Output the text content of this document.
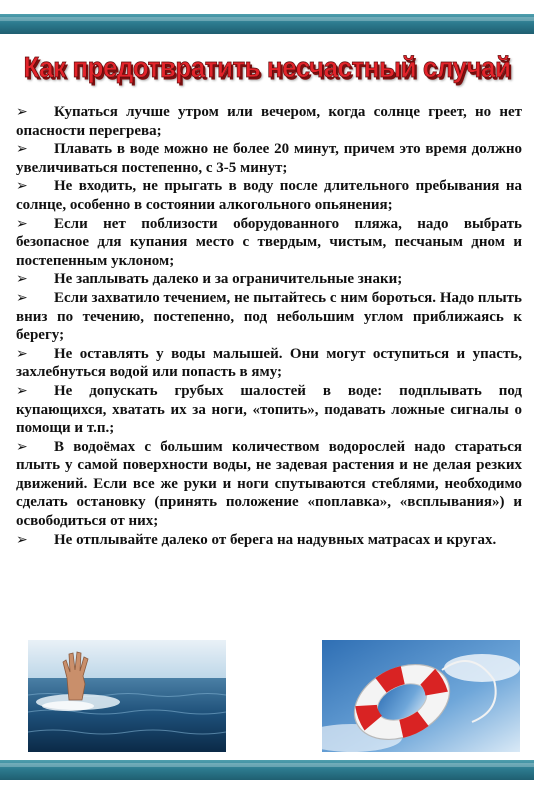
Как предотвратить несчастный случай
➢ Купаться лучше утром или вечером, когда солнце греет, но нет опасности перегрева;
➢ Плавать в воде можно не более 20 минут, причем это время должно увеличиваться постепенно, с 3-5 минут;
➢ Не входить, не прыгать в воду после длительного пребывания на солнце, особенно в состоянии алкогольного опьянения;
➢ Если нет поблизости оборудованного пляжа, надо выбрать безопасное для купания место с твердым, чистым, песчаным дном и постепенным уклоном;
➢ Не заплывать далеко и за ограничительные знаки;
➢ Если захватило течением, не пытайтесь с ним бороться. Надо плыть вниз по течению, постепенно, под небольшим углом приближаясь к берегу;
➢ Не оставлять у воды малышей. Они могут оступиться и упасть, захлебнуться водой или попасть в яму;
➢ Не допускать грубых шалостей в воде: подплывать под купающихся, хватать их за ноги, «топить», подавать ложные сигналы о помощи и т.п.;
➢ В водоёмах с большим количеством водорослей надо стараться плыть у самой поверхности воды, не задевая растения и не делая резких движений. Если все же руки и ноги спутываются стеблями, необходимо сделать остановку (принять положение «поплавка», «всплывания») и освободиться от них;
➢ Не отплывайте далеко от берега на надувных матрасах и кругах.
